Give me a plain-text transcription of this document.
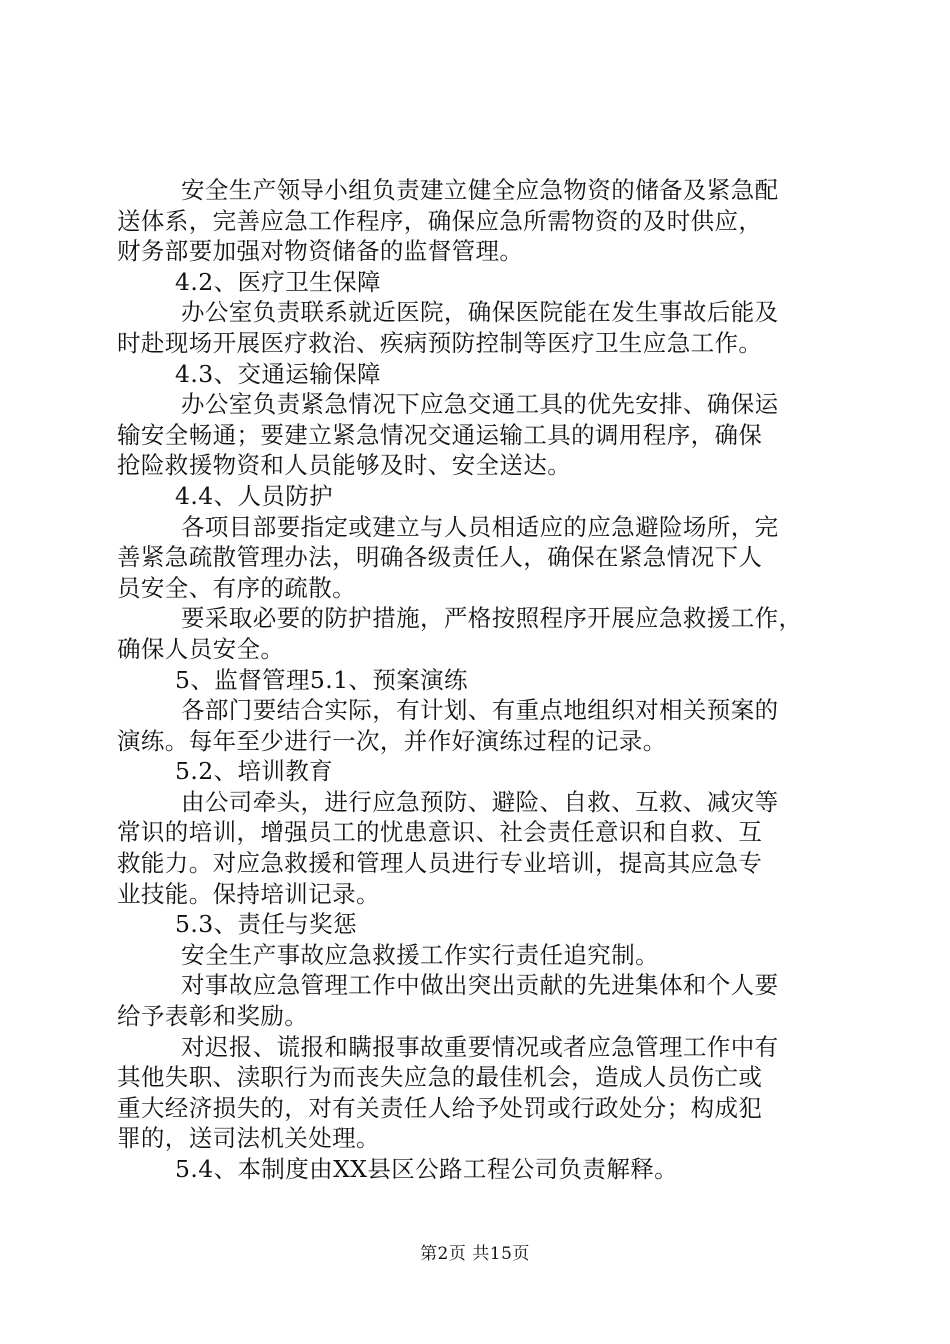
安全生产领导小组负责建立健全应急物资的储备及紧急配
送体系，完善应急工作程序，确保应急所需物资的及时供应，
财务部要加强对物资储备的监督管理。
4.2、医疗卫生保障
办公室负责联系就近医院，确保医院能在发生事故后能及
时赴现场开展医疗救治、疾病预防控制等医疗卫生应急工作。
4.3、交通运输保障
办公室负责紧急情况下应急交通工具的优先安排、确保运
输安全畅通；要建立紧急情况交通运输工具的调用程序，确保
抢险救援物资和人员能够及时、安全送达。
4.4、人员防护
各项目部要指定或建立与人员相适应的应急避险场所，完
善紧急疏散管理办法，明确各级责任人，确保在紧急情况下人
员安全、有序的疏散。
要采取必要的防护措施，严格按照程序开展应急救援工作，
确保人员安全。
5、监督管理5.1、预案演练
各部门要结合实际，有计划、有重点地组织对相关预案的
演练。每年至少进行一次，并作好演练过程的记录。
5.2、培训教育
由公司牵头，进行应急预防、避险、自救、互救、减灾等
常识的培训，增强员工的忧患意识、社会责任意识和自救、互
救能力。对应急救援和管理人员进行专业培训，提高其应急专
业技能。保持培训记录。
5.3、责任与奖惩
安全生产事故应急救援工作实行责任追究制。
对事故应急管理工作中做出突出贡献的先进集体和个人要
给予表彰和奖励。
对迟报、谎报和瞒报事故重要情况或者应急管理工作中有
其他失职、渎职行为而丧失应急的最佳机会，造成人员伤亡或
重大经济损失的，对有关责任人给予处罚或行政处分；构成犯
罪的，送司法机关处理。
5.4、本制度由XX县区公路工程公司负责解释。
第2页 共15页
